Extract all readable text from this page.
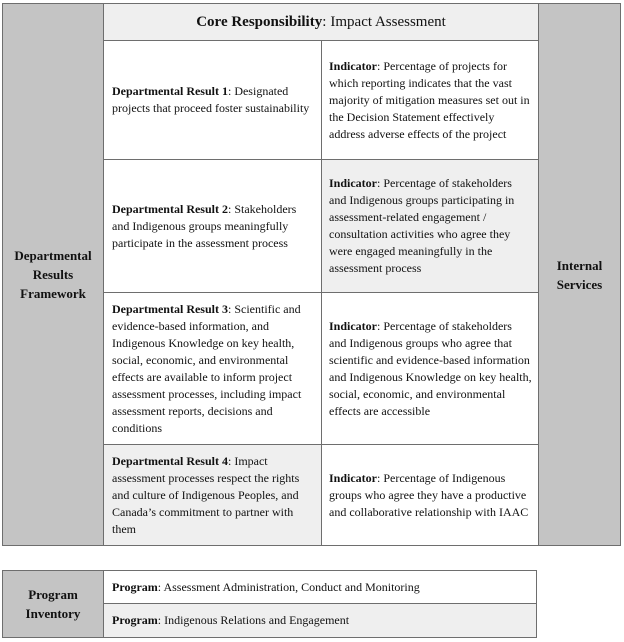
Departmental Results Framework
Core Responsibility : Impact Assessment
Departmental Result 1: Designated projects that proceed foster sustainability
Indicator: Percentage of projects for which reporting indicates that the vast majority of mitigation measures set out in the Decision Statement effectively address adverse effects of the project
Departmental Result 2: Stakeholders and Indigenous groups meaningfully participate in the assessment process
Indicator: Percentage of stakeholders and Indigenous groups participating in assessment-related engagement / consultation activities who agree they were engaged meaningfully in the assessment process
Departmental Result 3: Scientific and evidence-based information, and Indigenous Knowledge on key health, social, economic, and environmental effects are available to inform project assessment processes, including impact assessment reports, decisions and conditions
Indicator: Percentage of stakeholders and Indigenous groups who agree that scientific and evidence-based information and Indigenous Knowledge on key health, social, economic, and environmental effects are accessible
Departmental Result 4: Impact assessment processes respect the rights and culture of Indigenous Peoples, and Canada’s commitment to partner with them
Indicator: Percentage of Indigenous groups who agree they have a productive and collaborative relationship with IAAC
Internal Services
Program Inventory
Program: Assessment Administration, Conduct and Monitoring
Program: Indigenous Relations and Engagement
